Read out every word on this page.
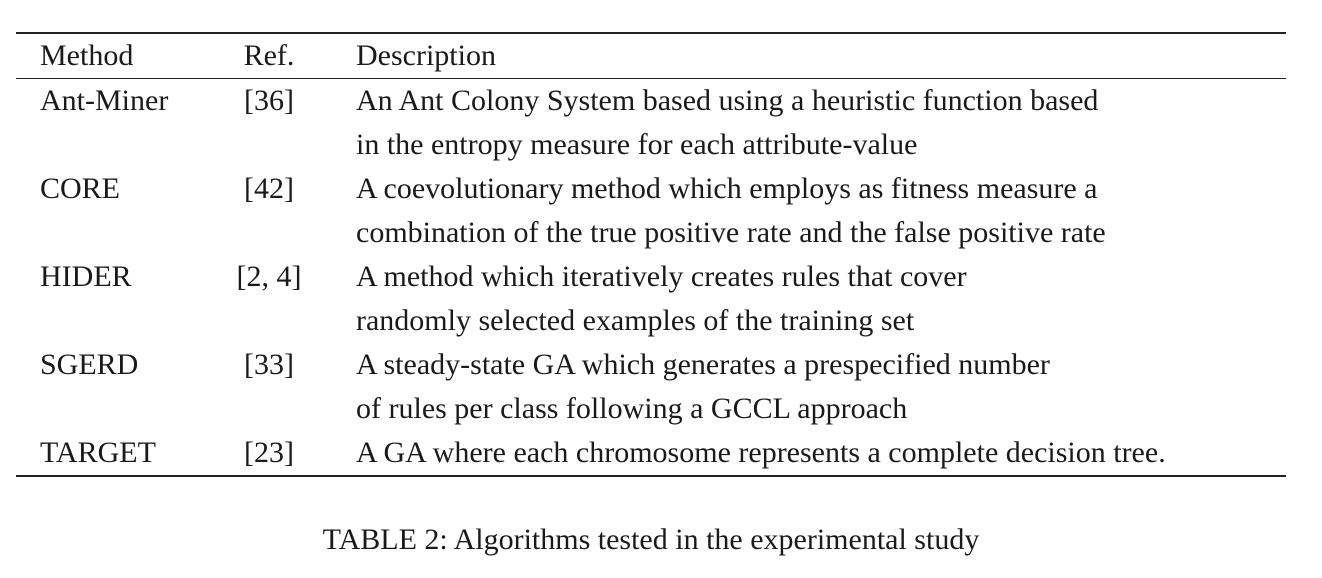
Method	Ref.	Description
Ant-Miner	[36]	An Ant Colony System based using a heuristic function based
in the entropy measure for each attribute-value
CORE	[42]	A coevolutionary method which employs as fitness measure a
combination of the true positive rate and the false positive rate
HIDER	[2, 4]	A method which iteratively creates rules that cover
randomly selected examples of the training set
SGERD	[33]	A steady-state GA which generates a prespecified number
of rules per class following a GCCL approach
TARGET	[23]	A GA where each chromosome represents a complete decision tree.
TABLE 2: Algorithms tested in the experimental study
